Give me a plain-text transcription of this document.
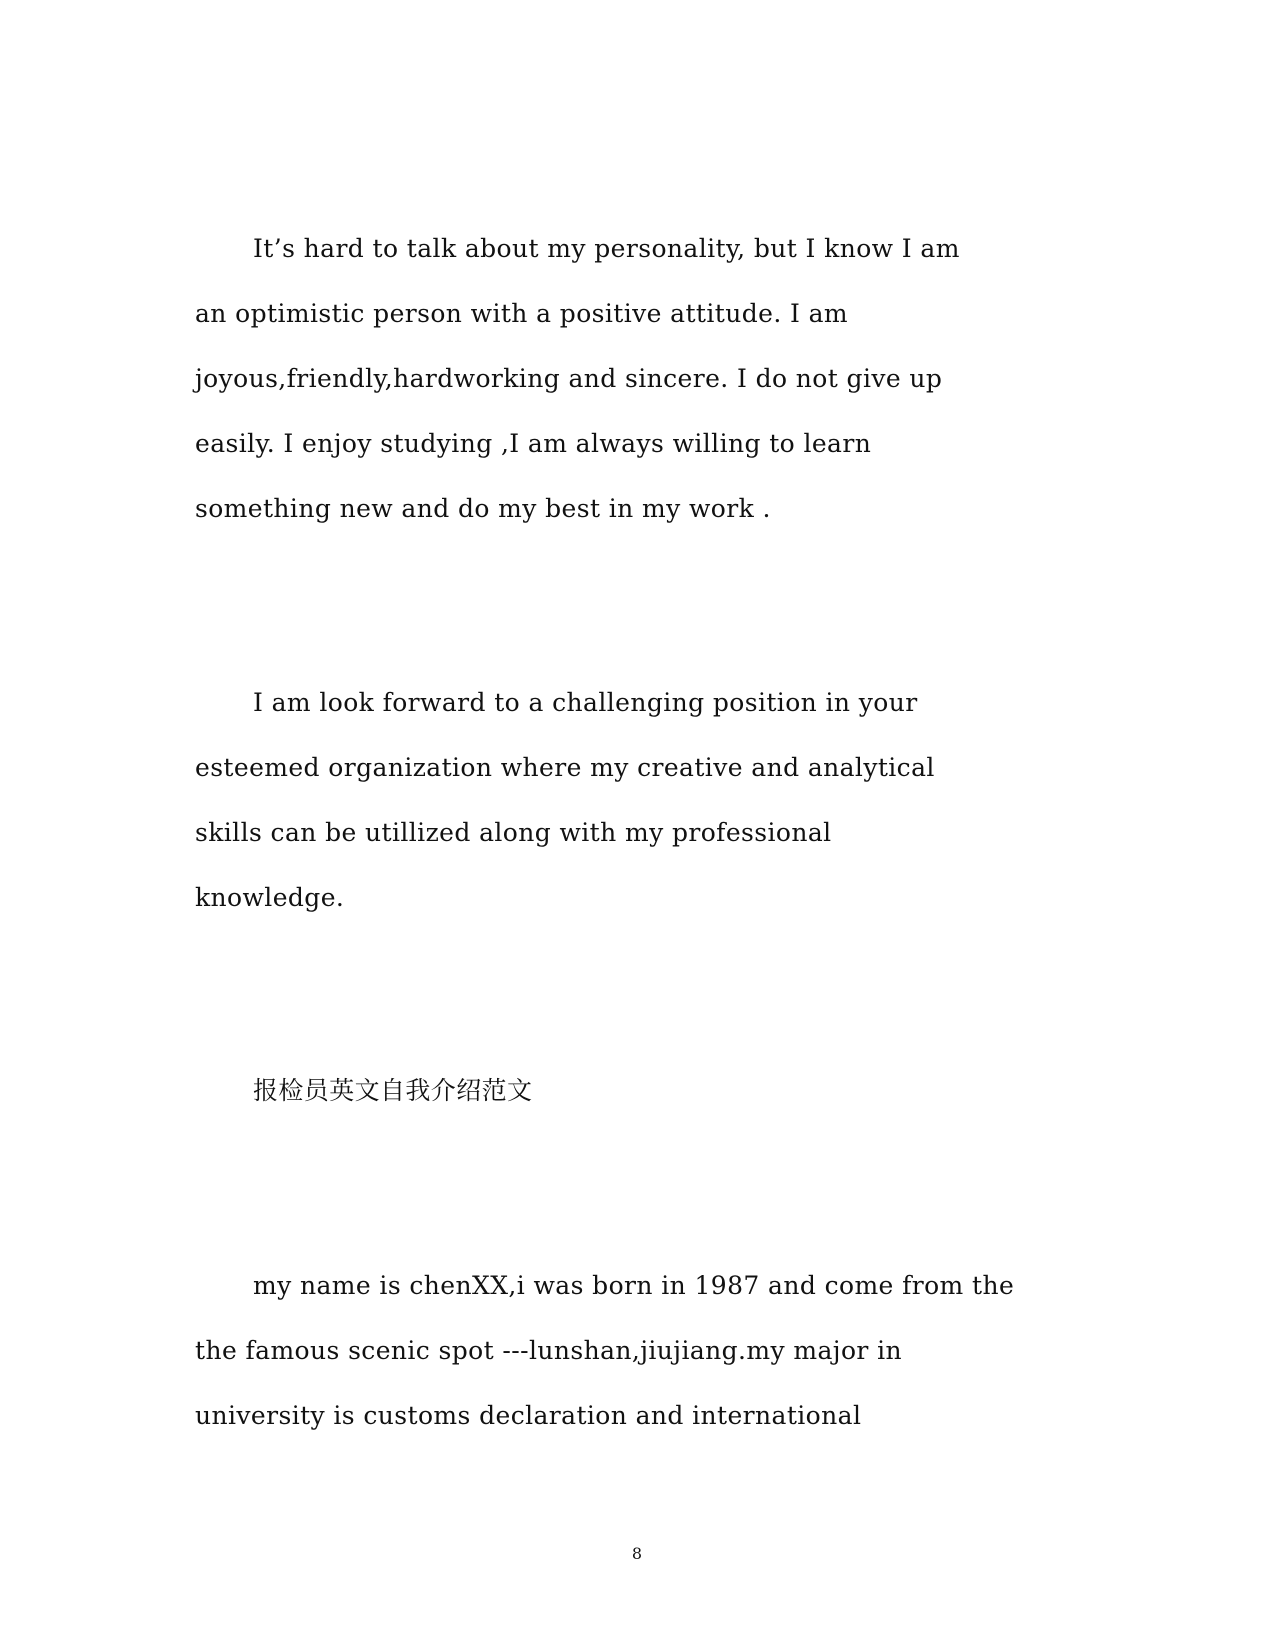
It’s hard to talk about my personality, but I know I am
an optimistic person with a positive attitude. I am
joyous,friendly,hardworking and sincere. I do not give up
easily. I enjoy studying ,I am always willing to learn
something new and do my best in my work .
I am look forward to a challenging position in your
esteemed organization where my creative and analytical
skills can be utillized along with my professional
knowledge.
报检员英文自我介绍范文
my name is chenXX,i was born in 1987 and come from the
the famous scenic spot ---lunshan,jiujiang.my major in
university is customs declaration and international
8
